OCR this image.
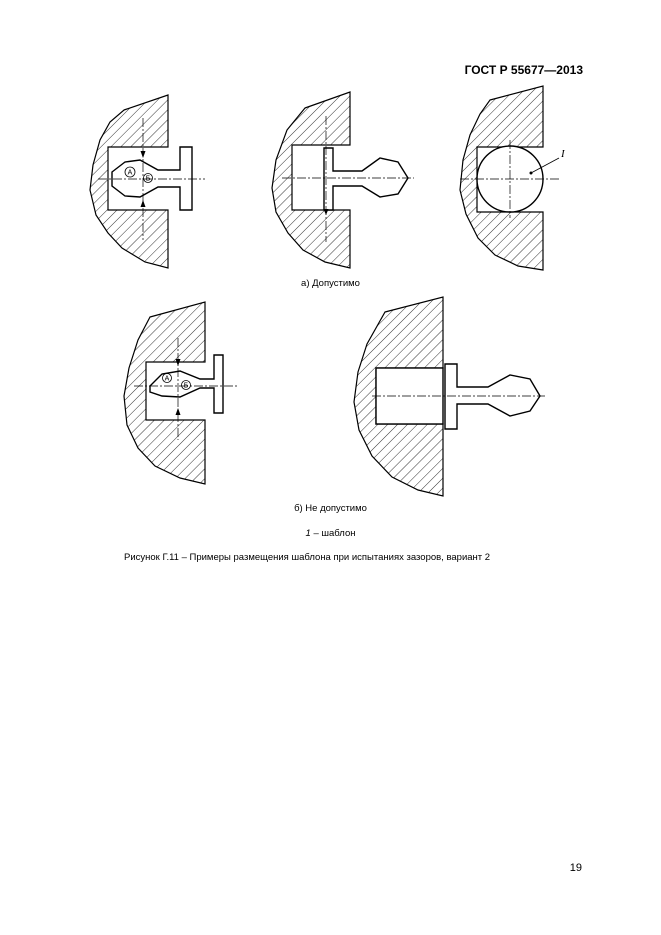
ГОСТ Р 55677—2013
A
Б
I
A
Б
а) Допустимо
б) Не допустимо
1 – шаблон
Рисунок Г.11 – Примеры размещения шаблона при испытаниях зазоров, вариант 2
19
